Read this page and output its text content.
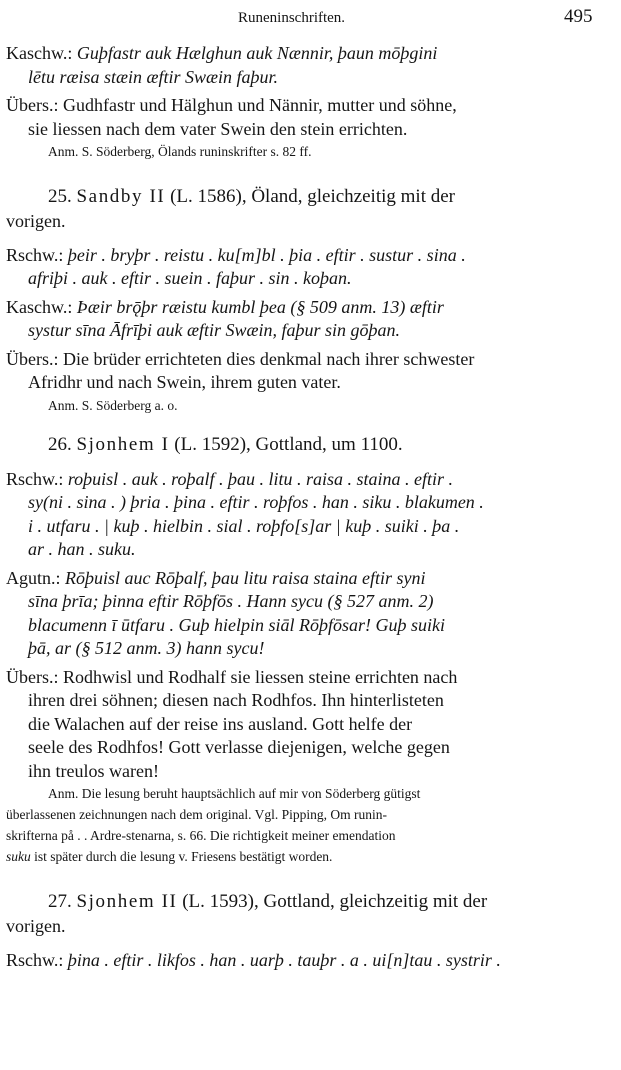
Runeninschriften.	495
Kaschw.: Guþfastr auk Hælghun auk Nænnir, þaun mōþgini
lētu ræisa stæin æftir Swæin faþur.
Übers.: Gudhfastr und Hälghun und Nännir, mutter und söhne,
sie liessen nach dem vater Swein den stein errichten.
Anm. S. Söderberg, Ölands runinskrifter s. 82 ff.
25. Sandby II (L. 1586), Öland, gleichzeitig mit der
vorigen.
Rschw.: þeir . bryþr . reistu . ku[m]bl . þia . eftir . sustur . sina .
afriþi . auk . eftir . suein . faþur . sin . koþan.
Kaschw.: Þæir brǭþr ræistu kumbl þea (§ 509 anm. 13) æftir
systur sīna Āfrīþi auk æftir Swæin, faþur sin gōþan.
Übers.: Die brüder errichteten dies denkmal nach ihrer schwester
Afridhr und nach Swein, ihrem guten vater.
Anm. S. Söderberg a. o.
26. Sjonhem I (L. 1592), Gottland, um 1100.
Rschw.: roþuisl . auk . roþalf . þau . litu . raisa . staina . eftir .
sy(ni . sina . ) þria . þina . eftir . roþfos . han . siku . blakumen .
i . utfaru . | kuþ . hielbin . sial . roþfo[s]ar | kuþ . suiki . þa .
ar . han . suku.
Agutn.: Rōþuisl auc Rōþalf, þau litu raisa staina eftir syni
sīna þrīa; þinna eftir Rōþfōs . Hann sycu (§ 527 anm. 2)
blacumenn ī ūtfaru . Guþ hielpin siāl Rōþfōsar! Guþ suiki
þā, ar (§ 512 anm. 3) hann sycu!
Übers.: Rodhwisl und Rodhalf sie liessen steine errichten nach
ihren drei söhnen; diesen nach Rodhfos. Ihn hinterlisteten
die Walachen auf der reise ins ausland. Gott helfe der
seele des Rodhfos! Gott verlasse diejenigen, welche gegen
ihn treulos waren!
Anm. Die lesung beruht hauptsächlich auf mir von Söderberg gütigst
überlassenen zeichnungen nach dem original. Vgl. Pipping, Om runin-
skrifterna på . . Ardre-stenarna, s. 66. Die richtigkeit meiner emendation
suku ist später durch die lesung v. Friesens bestätigt worden.
27. Sjonhem II (L. 1593), Gottland, gleichzeitig mit der
vorigen.
Rschw.: þina . eftir . likfos . han . uarþ . tauþr . a . ui[n]tau . systrir .
